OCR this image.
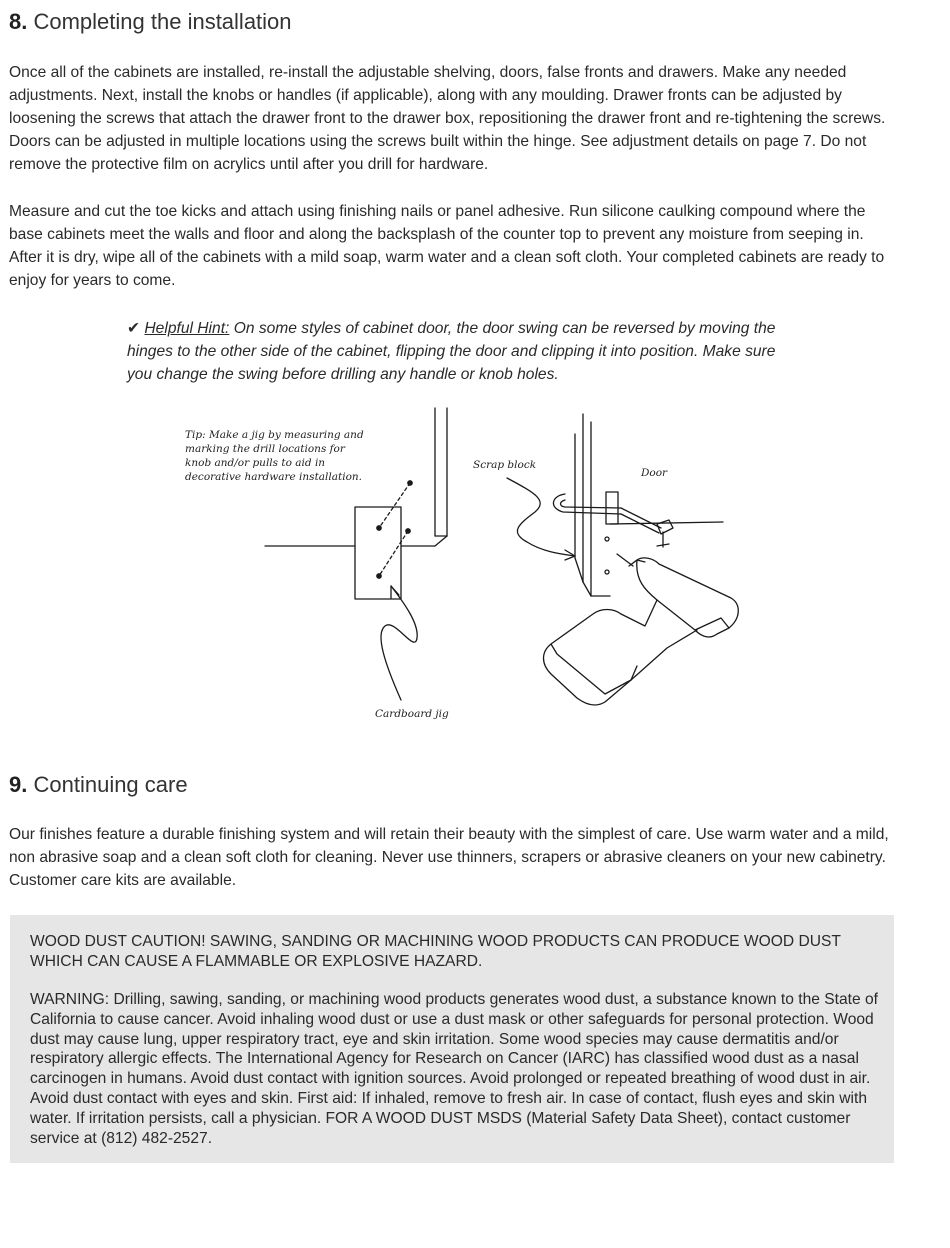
8. Completing the installation

Once all of the cabinets are installed, re-install the adjustable shelving, doors, false fronts and drawers. Make any needed adjustments. Next, install the knobs or handles (if applicable), along with any moulding. Drawer fronts can be adjusted by loosening the screws that attach the drawer front to the drawer box, repositioning the drawer front and re-tightening the screws. Doors can be adjusted in multiple locations using the screws built within the hinge. See adjustment details on page 7. Do not remove the protective film on acrylics until after you drill for hardware.

Measure and cut the toe kicks and attach using finishing nails or panel adhesive. Run silicone caulking compound where the base cabinets meet the walls and floor and along the backsplash of the counter top to prevent any moisture from seeping in. After it is dry, wipe all of the cabinets with a mild soap, warm water and a clean soft cloth. Your completed cabinets are ready to enjoy for years to come.

✔ Helpful Hint: On some styles of cabinet door, the door swing can be reversed by moving the hinges to the other side of the cabinet, flipping the door and clipping it into position. Make sure you change the swing before drilling any handle or knob holes.

Tip: Make a jig by measuring and
marking the drill locations for
knob and/or pulls to aid in
decorative hardware installation.
Cardboard jig
Scrap block
Door
9. Continuing care

Our finishes feature a durable finishing system and will retain their beauty with the simplest of care. Use warm water and a mild, non abrasive soap and a clean soft cloth for cleaning. Never use thinners, scrapers or abrasive cleaners on your new cabinetry. Customer care kits are available.

WOOD DUST CAUTION! SAWING, SANDING OR MACHINING WOOD PRODUCTS CAN PRODUCE WOOD DUST WHICH CAN CAUSE A FLAMMABLE OR EXPLOSIVE HAZARD.

WARNING: Drilling, sawing, sanding, or machining wood products generates wood dust, a substance known to the State of California to cause cancer. Avoid inhaling wood dust or use a dust mask or other safeguards for personal protection. Wood dust may cause lung, upper respiratory tract, eye and skin irritation. Some wood species may cause dermatitis and/or respiratory allergic effects. The International Agency for Research on Cancer (IARC) has classified wood dust as a nasal carcinogen in humans. Avoid dust contact with ignition sources. Avoid prolonged or repeated breathing of wood dust in air. Avoid dust contact with eyes and skin. First aid: If inhaled, remove to fresh air. In case of contact, flush eyes and skin with water. If irritation persists, call a physician. FOR A WOOD DUST MSDS (Material Safety Data Sheet), contact customer service at (812) 482-2527.
